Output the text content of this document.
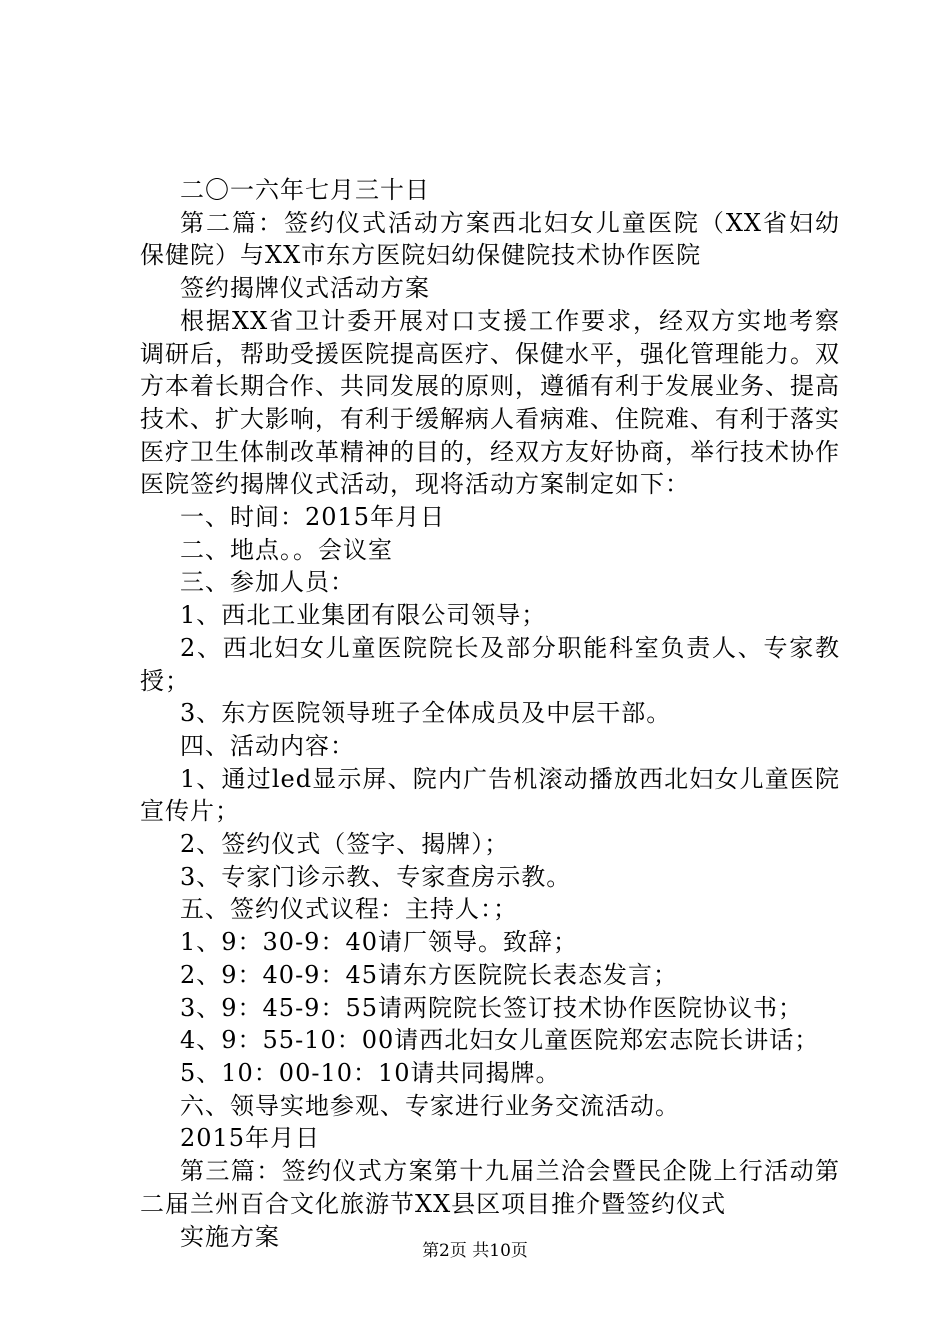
二〇一六年七月三十日

第二篇：签约仪式活动方案西北妇女儿童医院（XX省妇幼保健院）与XX市东方医院妇幼保健院技术协作医院

签约揭牌仪式活动方案

根据XX省卫计委开展对口支援工作要求，经双方实地考察调研后，帮助受援医院提高医疗、保健水平，强化管理能力。双方本着长期合作、共同发展的原则，遵循有利于发展业务、提高技术、扩大影响，有利于缓解病人看病难、住院难、有利于落实医疗卫生体制改革精神的目的，经双方友好协商，举行技术协作医院签约揭牌仪式活动，现将活动方案制定如下：

一、时间：2015年月日

二、地点。。会议室

三、参加人员：

1、西北工业集团有限公司领导；

2、西北妇女儿童医院院长及部分职能科室负责人、专家教授；

3、东方医院领导班子全体成员及中层干部。

四、活动内容：

1、通过led显示屏、院内广告机滚动播放西北妇女儿童医院宣传片；

2、签约仪式（签字、揭牌）；

3、专家门诊示教、专家查房示教。

五、签约仪式议程：主持人：；

1、9：30-9：40请厂领导。致辞；

2、9：40-9：45请东方医院院长表态发言；

3、9：45-9：55请两院院长签订技术协作医院协议书；

4、9：55-10：00请西北妇女儿童医院郑宏志院长讲话；

5、10：00-10：10请共同揭牌。

六、领导实地参观、专家进行业务交流活动。

2015年月日

第三篇：签约仪式方案第十九届兰洽会暨民企陇上行活动第二届兰州百合文化旅游节XX县区项目推介暨签约仪式

实施方案

第2页 共10页
